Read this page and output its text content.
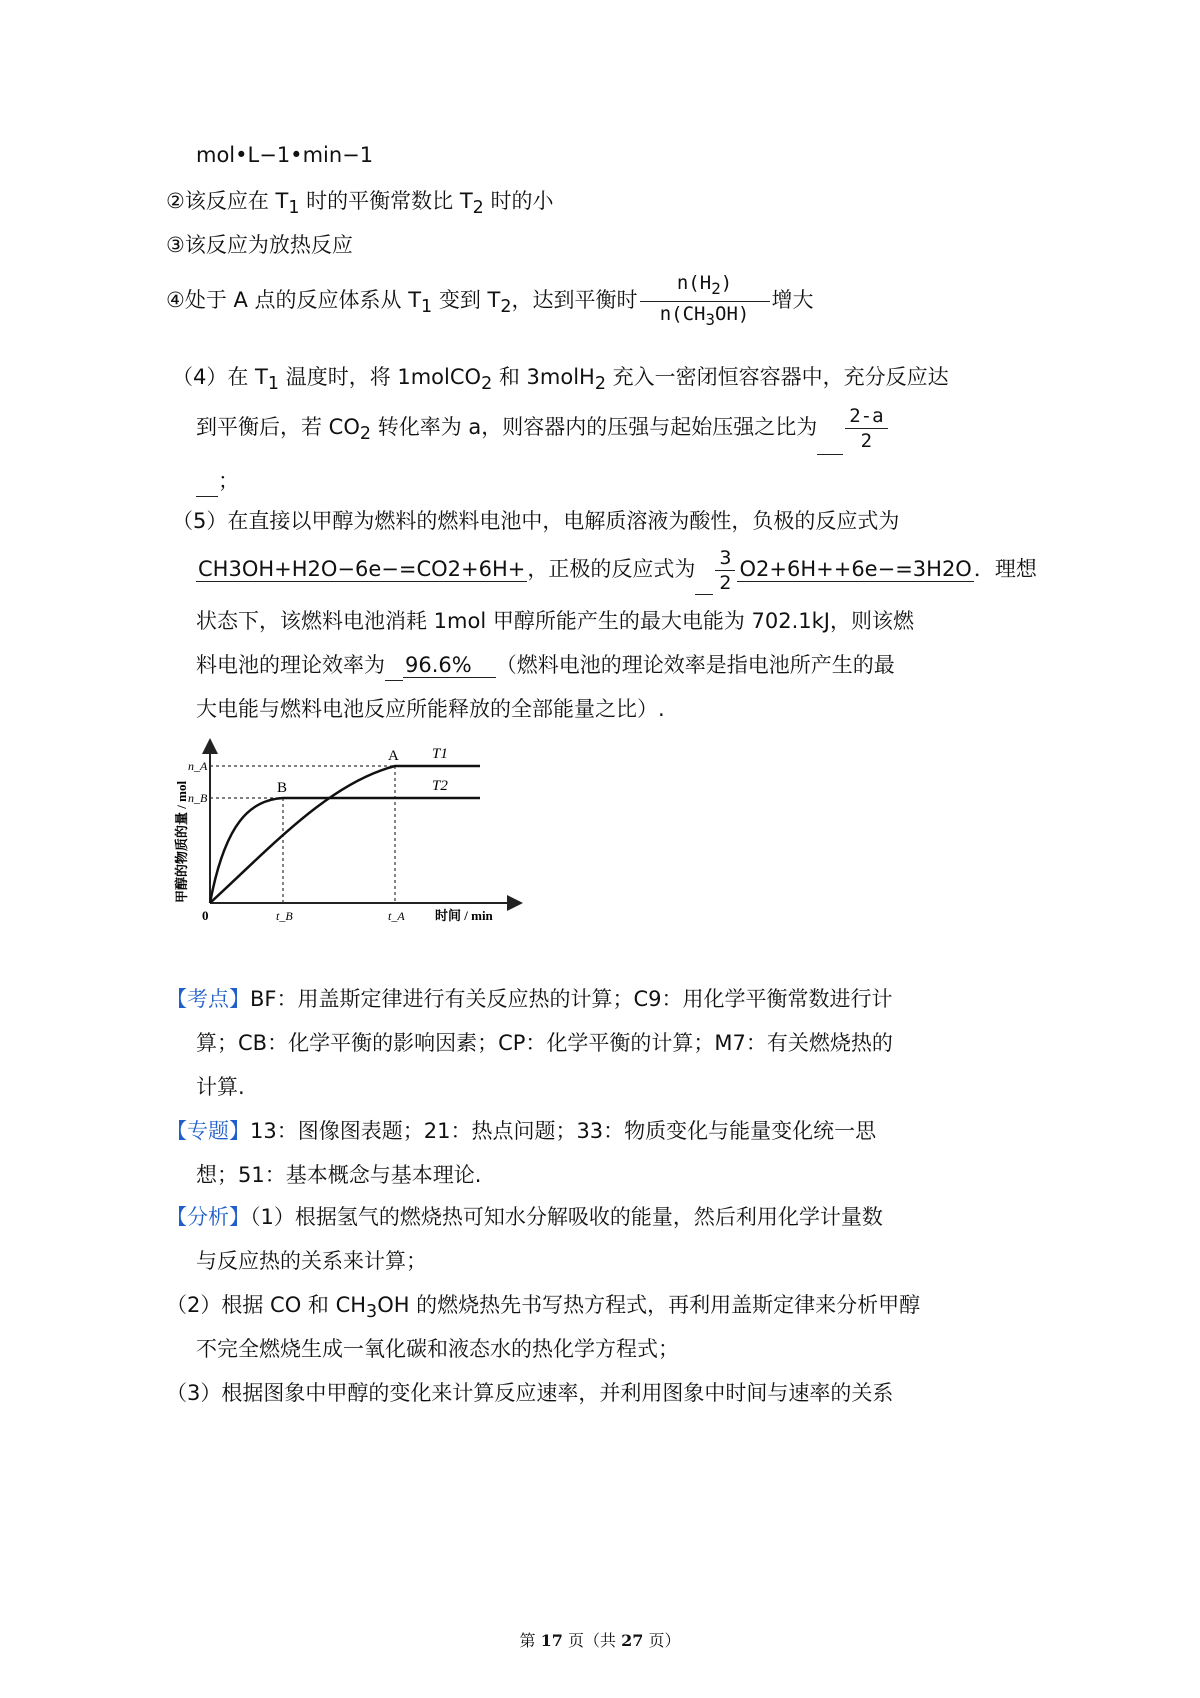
mol•L−1•min−1
②该反应在 $T_1$ 时的平衡常数比 $T_2$ 时的小
③该反应为放热反应
④处于 A 点的反应体系从 $T_1$ 变到 $T_2$，达到平衡时 $\frac{n(H_2)}{n(CH_3OH)}$ 增大
（4）在 $T_1$ 温度时，将 1molCO$_2$ 和 3molH$_2$ 充入一密闭恒容容器中，充分反应达
到平衡后，若 $CO_2$ 转化率为 a，则容器内的压强与起始压强之比为 $\frac{2-a}{2}$
；
（5）在直接以甲醇为燃料的燃料电池中，电解质溶液为酸性，负极的反应式为
CH3OH+H2O−6e−=CO2+6H+，正极的反应式为 $\frac{3}{2} O2+6H++6e-=3H2O$．理想
状态下，该燃料电池消耗 1mol 甲醇所能产生的最大电能为 702.1kJ，则该燃
料电池的理论效率为 96.6% （燃料电池的理论效率是指电池所产生的最
大电能与燃料电池反应所能释放的全部能量之比）.
A
B
T1
T2
n_A
n_B
t_B	t_A
0	时间 / min
甲醇的物质的量 / mol
【考点】BF：用盖斯定律进行有关反应热的计算；C9：用化学平衡常数进行计
算；CB：化学平衡的影响因素；CP：化学平衡的计算；M7：有关燃烧热的
计算.
【专题】13：图像图表题；21：热点问题；33：物质变化与能量变化统一思
想；51：基本概念与基本理论.
【分析】（1）根据氢气的燃烧热可知水分解吸收的能量，然后利用化学计量数
与反应热的关系来计算；
（2）根据 CO 和 $CH_3OH$ 的燃烧热先书写热方程式，再利用盖斯定律来分析甲醇
不完全燃烧生成一氧化碳和液态水的热化学方程式；
（3）根据图象中甲醇的变化来计算反应速率，并利用图象中时间与速率的关系
第 17 页（共 27 页）
